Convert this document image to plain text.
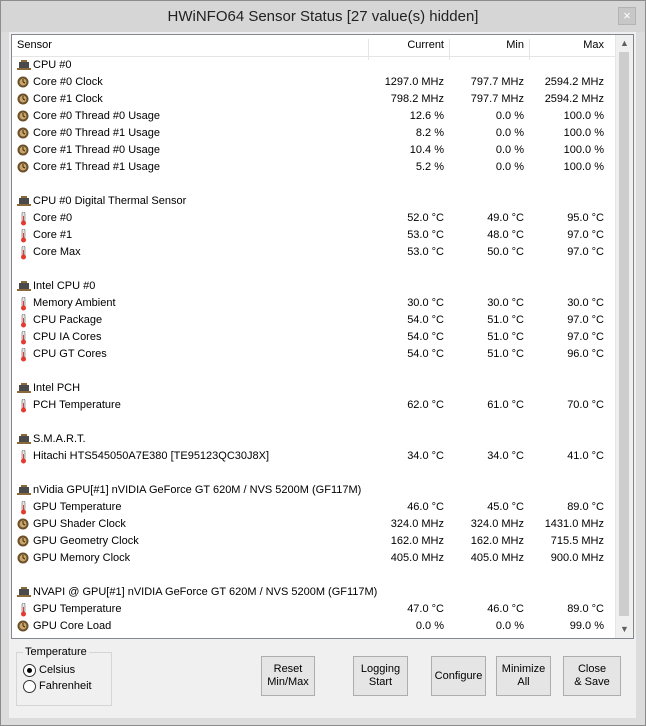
HWiNFO64 Sensor Status [27 value(s) hidden]	×
Sensor	Current	Min	Max
CPU #0
Core #0 Clock	1297.0 MHz 797.7 MHz 2594.2 MHz
Core #1 Clock	798.2 MHz 797.7 MHz 2594.2 MHz
Core #0 Thread #0 Usage	12.6 %	0.0 %	100.0 %
Core #0 Thread #1 Usage	8.2 %	0.0 %	100.0 %
Core #1 Thread #0 Usage	10.4 %	0.0 %	100.0 %
Core #1 Thread #1 Usage	5.2 %	0.0 %	100.0 %
CPU #0 Digital Thermal Sensor
Core #0	52.0 °C	49.0 °C	95.0 °C
Core #1	53.0 °C	48.0 °C	97.0 °C
Core Max	53.0 °C	50.0 °C	97.0 °C
Intel CPU #0
Memory Ambient	30.0 °C	30.0 °C	30.0 °C
CPU Package	54.0 °C	51.0 °C	97.0 °C
CPU IA Cores	54.0 °C	51.0 °C	97.0 °C
CPU GT Cores	54.0 °C	51.0 °C	96.0 °C
Intel PCH
PCH Temperature	62.0 °C	61.0 °C	70.0 °C
S.M.A.R.T.
Hitachi HTS545050A7E380 [TE95123QC30J8X]	34.0 °C	34.0 °C	41.0 °C
nVidia GPU[#1] nVIDIA GeForce GT 620M / NVS 5200M (GF117M)
GPU Temperature	46.0 °C	45.0 °C	89.0 °C
GPU Shader Clock	324.0 MHz 324.0 MHz 1431.0 MHz
GPU Geometry Clock	162.0 MHz 162.0 MHz 715.5 MHz
GPU Memory Clock	405.0 MHz 405.0 MHz 900.0 MHz
NVAPI @ GPU[#1] nVIDIA GeForce GT 620M / NVS 5200M (GF117M)
GPU Temperature	47.0 °C	46.0 °C	89.0 °C
GPU Core Load	0.0 %	0.0 %	99.0 %
▲
▼
Temperature
Celsius
Fahrenheit
Reset
Min/Max
Logging
Start
Configure
Minimize
All
Close
& Save
